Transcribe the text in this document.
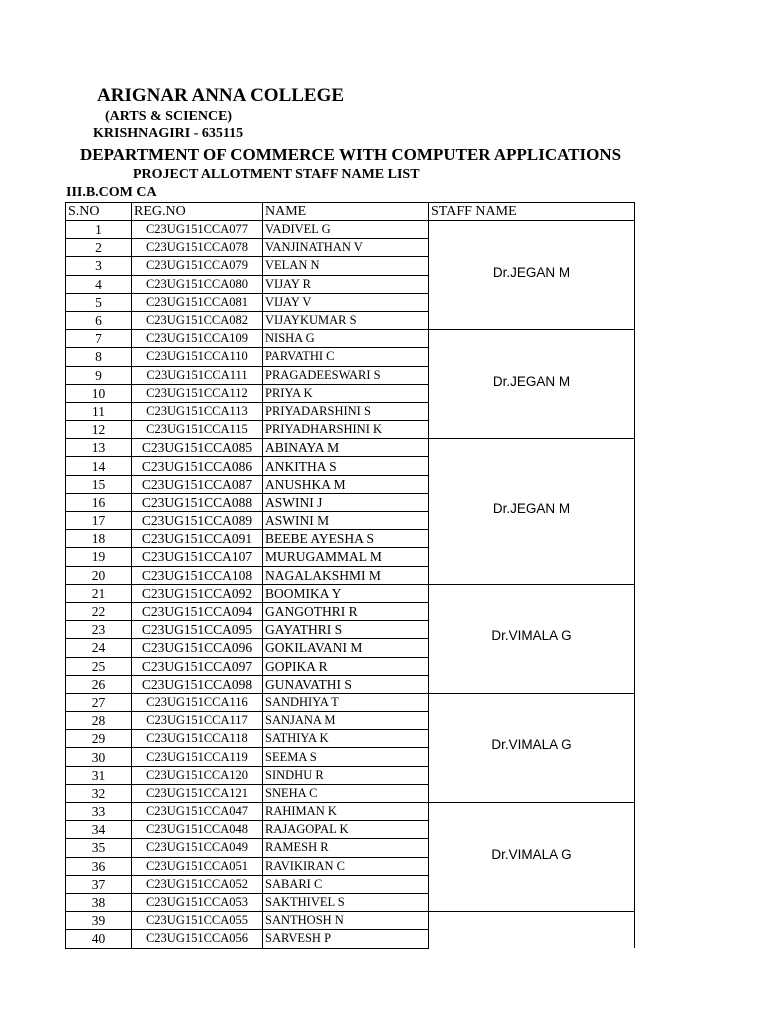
ARIGNAR ANNA COLLEGE
(ARTS & SCIENCE)
KRISHNAGIRI - 635115
DEPARTMENT OF COMMERCE WITH COMPUTER APPLICATIONS
PROJECT ALLOTMENT STAFF NAME LIST
III.B.COM CA
S.NO	REG.NO	NAME	STAFF NAME
1	C23UG151CCA077	VADIVEL G	Dr.JEGAN M
2	C23UG151CCA078	VANJINATHAN V	
3	C23UG151CCA079	VELAN N	
4	C23UG151CCA080	VIJAY R	
5	C23UG151CCA081	VIJAY V	
6	C23UG151CCA082	VIJAYKUMAR S	
7	C23UG151CCA109	NISHA G	Dr.JEGAN M
8	C23UG151CCA110	PARVATHI C	
9	C23UG151CCA111	PRAGADEESWARI S	
10	C23UG151CCA112	PRIYA K	
11	C23UG151CCA113	PRIYADARSHINI S	
12	C23UG151CCA115	PRIYADHARSHINI K	
13	C23UG151CCA085	ABINAYA M	Dr.JEGAN M
14	C23UG151CCA086	ANKITHA S	
15	C23UG151CCA087	ANUSHKA M	
16	C23UG151CCA088	ASWINI J	
17	C23UG151CCA089	ASWINI M	
18	C23UG151CCA091	BEEBE AYESHA S	
19	C23UG151CCA107	MURUGAMMAL M	
20	C23UG151CCA108	NAGALAKSHMI M	
21	C23UG151CCA092	BOOMIKA Y	Dr.VIMALA G
22	C23UG151CCA094	GANGOTHRI R	
23	C23UG151CCA095	GAYATHRI S	
24	C23UG151CCA096	GOKILAVANI M	
25	C23UG151CCA097	GOPIKA R	
26	C23UG151CCA098	GUNAVATHI S	
27	C23UG151CCA116	SANDHIYA T	Dr.VIMALA G
28	C23UG151CCA117	SANJANA M	
29	C23UG151CCA118	SATHIYA K	
30	C23UG151CCA119	SEEMA S	
31	C23UG151CCA120	SINDHU R	
32	C23UG151CCA121	SNEHA C	
33	C23UG151CCA047	RAHIMAN K	Dr.VIMALA G
34	C23UG151CCA048	RAJAGOPAL K	
35	C23UG151CCA049	RAMESH R	
36	C23UG151CCA051	RAVIKIRAN C	
37	C23UG151CCA052	SABARI C	
38	C23UG151CCA053	SAKTHIVEL S	
39	C23UG151CCA055	SANTHOSH N	
40	C23UG151CCA056	SARVESH P	
